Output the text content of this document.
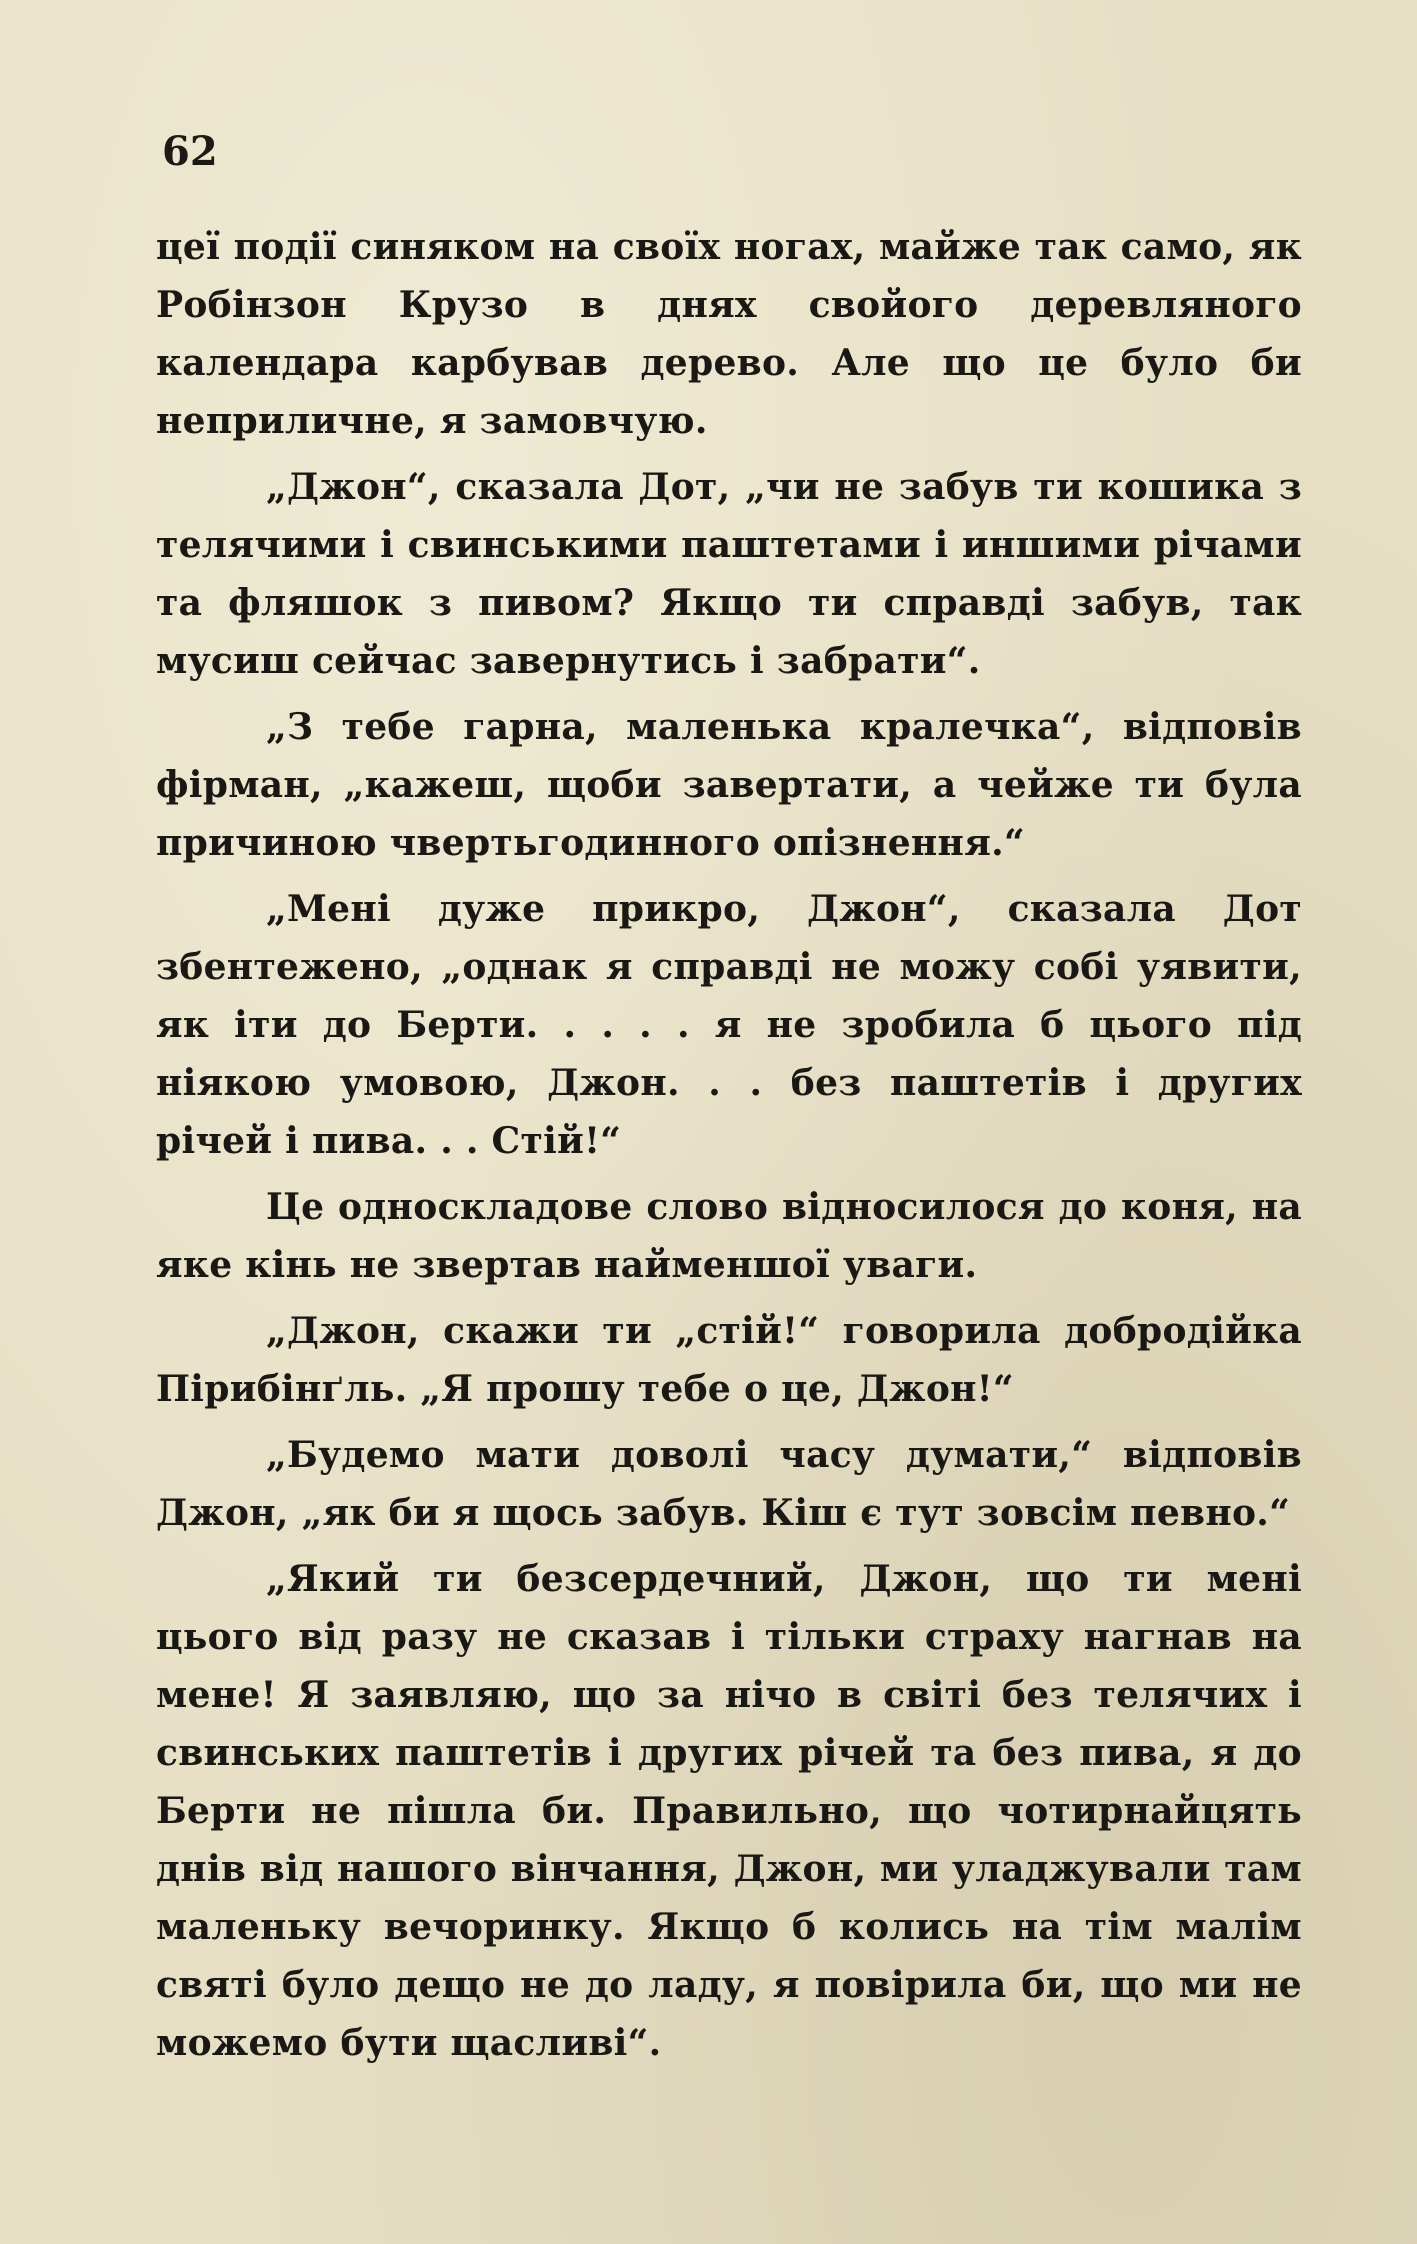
62

цеї події синяком на своїх ногах, майже так само, як Робінзон Крузо в днях свойого деревляного календара карбував дерево. Але що це було би неприличне, я замовчую.

„Джон“, сказала Дот, „чи не забув ти кошика з телячими і свинськими паштетами і иншими річами та фляшок з пивом? Якщо ти справді забув, так мусиш сейчас завернутись і забрати“.

„З тебе гарна, маленька кралечка“, відповів фірман, „кажеш, щоби завертати, а чейже ти була причиною чвертьгодинного опізнення.“

„Мені дуже прикро, Джон“, сказала Дот збентежено, „однак я справді не можу собі уявити, як іти до Берти. . . . . я не зробила б цього під ніякою умовою, Джон. . . без паштетів і других річей і пива. . . Стій!“

Це односкладове слово відносилося до коня, на яке кінь не звертав найменшої уваги.

„Джон, скажи ти „стій!“ говорила добродійка Пірибінґль. „Я прошу тебе о це, Джон!“

„Будемо мати доволі часу думати,“ відповів Джон, „як би я щось забув. Кіш є тут зовсім певно.“

„Який ти безсердечний, Джон, що ти мені цього від разу не сказав і тільки страху нагнав на мене! Я заявляю, що за нічо в світі без телячих і свинських паштетів і других річей та без пива, я до Берти не пішла би. Правильно, що чотирнайцять днів від нашого вінчання, Джон, ми уладжували там маленьку вечоринку. Якщо б колись на тім малім святі було дещо не до ладу, я повірила би, що ми не можемо бути щасливі“.
